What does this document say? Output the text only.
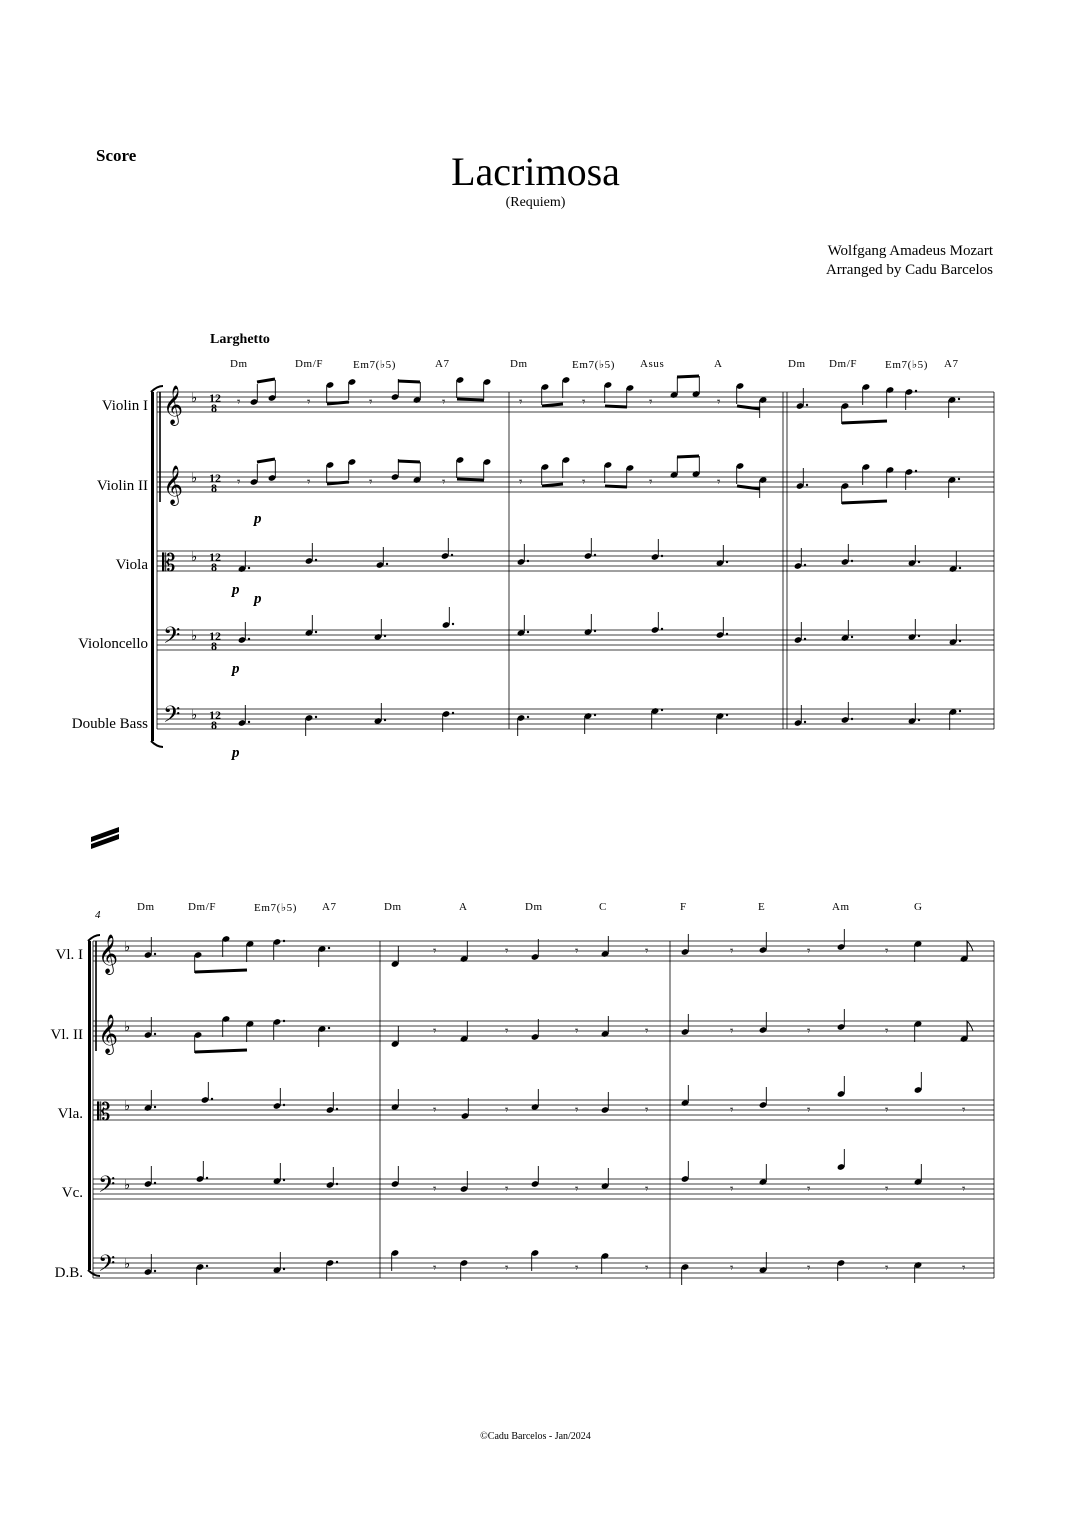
Score	Lacrimosa
(Requiem)
Wolfgang Amadeus Mozart
Arranged by Cadu Barcelos
Larghetto
Violin I
Violin II
Viola
Violoncello
Double Bass
Dm	Dm/F	Em7(♭5)	A7	Dm	Em7(♭5) Asus	A	Dm Dm/F	Em7(♭5) A7
Vl. I
Vl. II
Vla.
Vc.
D.B.
4
Dm	Dm/F	Em7(♭5) A7	Dm	A	Dm	C	F	E	Am	G
𝄞 ♭ 12
8
𝄞 ♭ 12
8
𝄡 ♭ 12
8
𝄢 ♭ 12
8
𝄢 ♭ 12
8
𝄾	𝄾	𝄾	𝄾	𝄾	𝄾	𝄾	𝄾
𝄾	𝄾	𝄾	𝄾	𝄾	𝄾	𝄾	𝄾
p
p
p
p
p
𝄞 ♭
𝄞 ♭
𝄡 ♭
𝄢 ♭
𝄢 ♭
𝄾	𝄾	𝄾	𝄾	𝄾	𝄾	𝄾
𝄾	𝄾	𝄾	𝄾	𝄾	𝄾	𝄾
𝄾	𝄾	𝄾	𝄾	𝄾	𝄾	𝄾	𝄾
𝄾	𝄾	𝄾	𝄾	𝄾	𝄾	𝄾	𝄾
𝄾	𝄾	𝄾	𝄾	𝄾	𝄾	𝄾	𝄾
©Cadu Barcelos - Jan/2024
